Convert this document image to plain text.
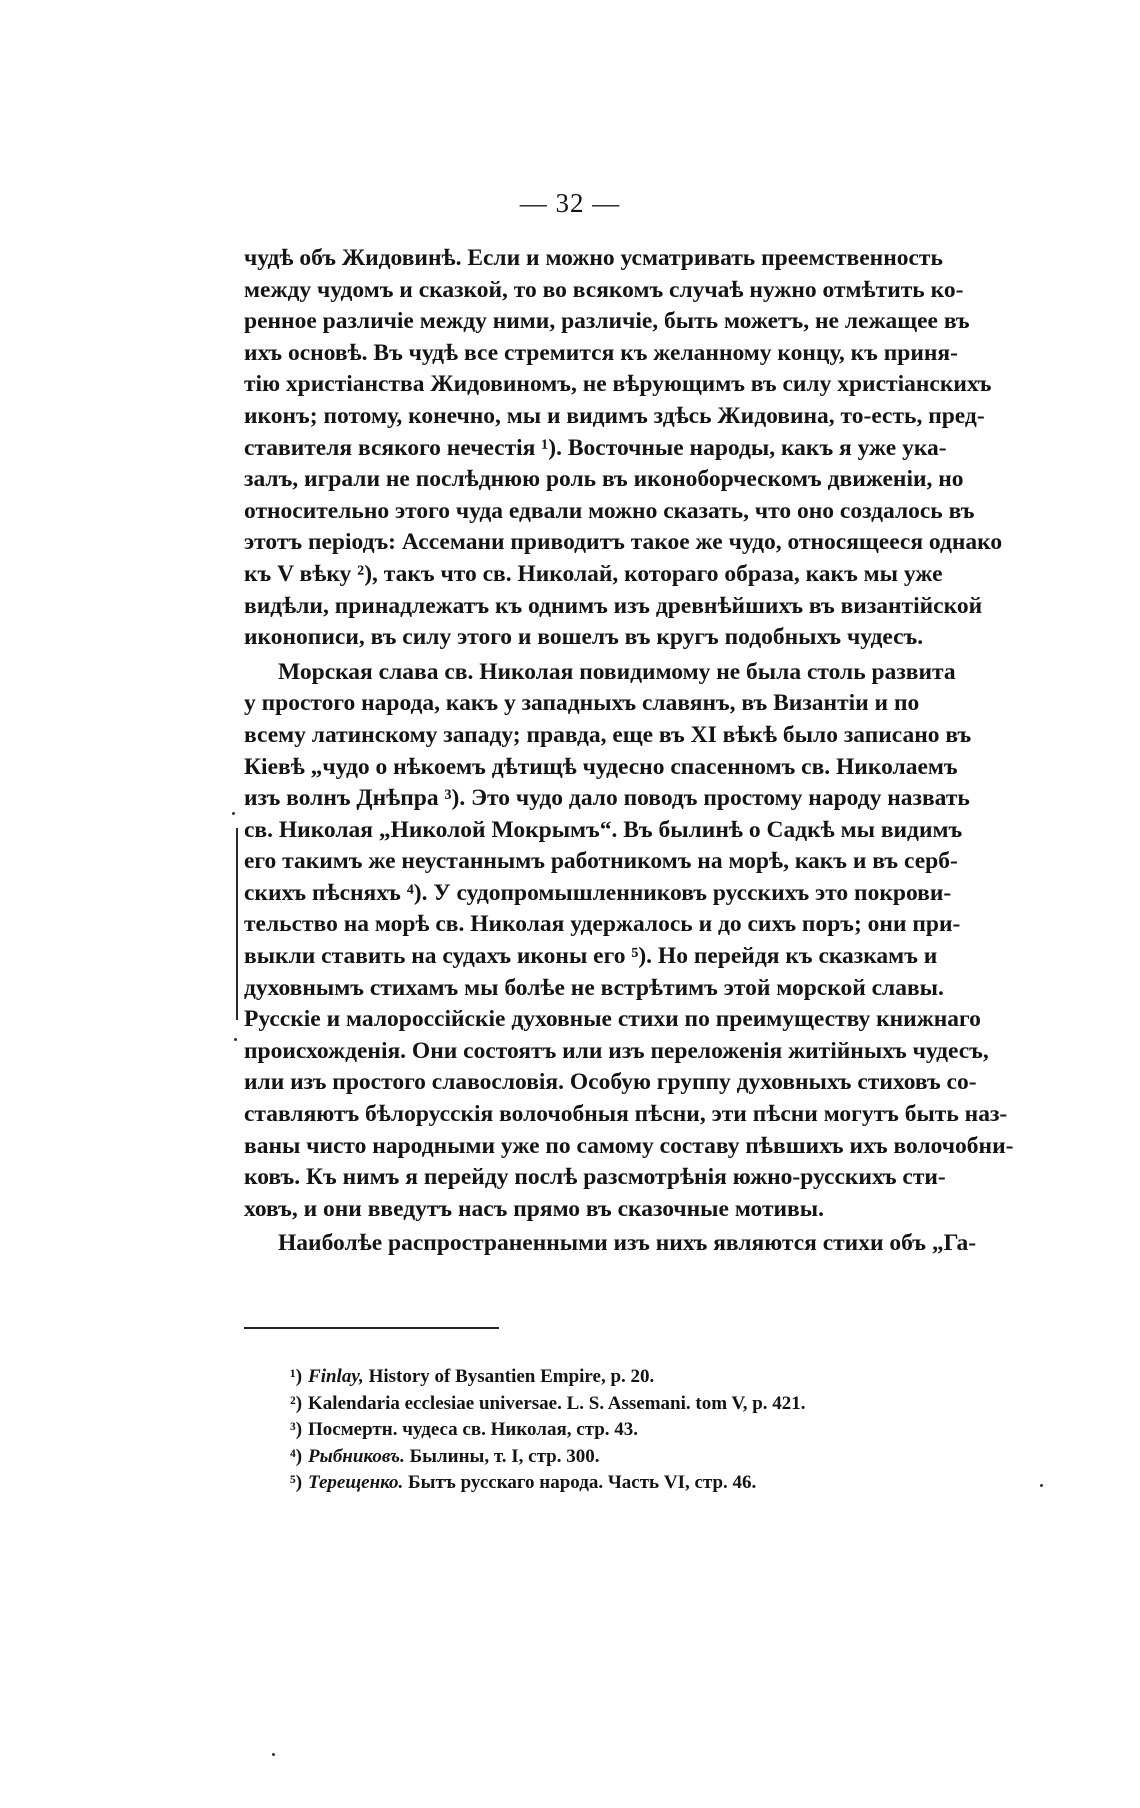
— 32 —
чудѣ объ Жидовинѣ. Если и можно усматривать преемственность
между чудомъ и сказкой, то во всякомъ случаѣ нужно отмѣтить ко-
ренное различіе между ними, различіе, быть можетъ, не лежащее въ
ихъ основѣ. Въ чудѣ все стремится къ желанному концу, къ приня-
тію христіанства Жидовиномъ, не вѣрующимъ въ силу христіанскихъ
иконъ; потому, конечно, мы и видимъ здѣсь Жидовина, то-есть, пред-
ставителя всякого нечестія ¹). Восточные народы, какъ я уже ука-
залъ, играли не послѣднюю роль въ иконоборческомъ движеніи, но
относительно этого чуда едвали можно сказать, что оно создалось въ
этотъ періодъ: Ассемани приводитъ такое же чудо, относящееся однако
къ V вѣку ²), такъ что св. Николай, котораго образа, какъ мы уже
видѣли, принадлежатъ къ однимъ изъ древнѣйшихъ въ византійской
иконописи, въ силу этого и вошелъ въ кругъ подобныхъ чудесъ.
Морская слава св. Николая повидимому не была столь развита
у простого народа, какъ у западныхъ славянъ, въ Византіи и по
всему латинскому западу; правда, еще въ XI вѣкѣ было записано въ
Кіевѣ „чудо о нѣкоемъ дѣтищѣ чудесно спасенномъ св. Николаемъ
изъ волнъ Днѣпра ³). Это чудо дало поводъ простому народу назвать
св. Николая „Николой Мокрымъ“. Въ былинѣ о Садкѣ мы видимъ
его такимъ же неустаннымъ работникомъ на морѣ, какъ и въ серб-
скихъ пѣсняхъ ⁴). У судопромышленниковъ русскихъ это покрови-
тельство на морѣ св. Николая удержалось и до сихъ поръ; они при-
выкли ставить на судахъ иконы его ⁵). Но перейдя къ сказкамъ и
духовнымъ стихамъ мы болѣе не встрѣтимъ этой морской славы.
Русскіе и малороссійскіе духовные стихи по преимуществу книжнаго
происхожденія. Они состоятъ или изъ переложенія житійныхъ чудесъ,
или изъ простого славословія. Особую группу духовныхъ стиховъ со-
ставляютъ бѣлорусскія волочобныя пѣсни, эти пѣсни могутъ быть наз-
ваны чисто народными уже по самому составу пѣвшихъ ихъ волочобни-
ковъ. Къ нимъ я перейду послѣ разсмотрѣнія южно-русскихъ сти-
ховъ, и они введутъ насъ прямо въ сказочные мотивы.
Наиболѣе распространенными изъ нихъ являются стихи объ „Га-
¹) Finlay, History of Bysantien Empire, p. 20.
²) Kalendaria ecclesiae universae. L. S. Assemani. tom V, p. 421.
³) Посмертн. чудеса св. Николая, стр. 43.
⁴) Рыбниковъ. Былины, т. I, стр. 300.
⁵) Терещенко. Бытъ русскаго народа. Часть VI, стр. 46.
